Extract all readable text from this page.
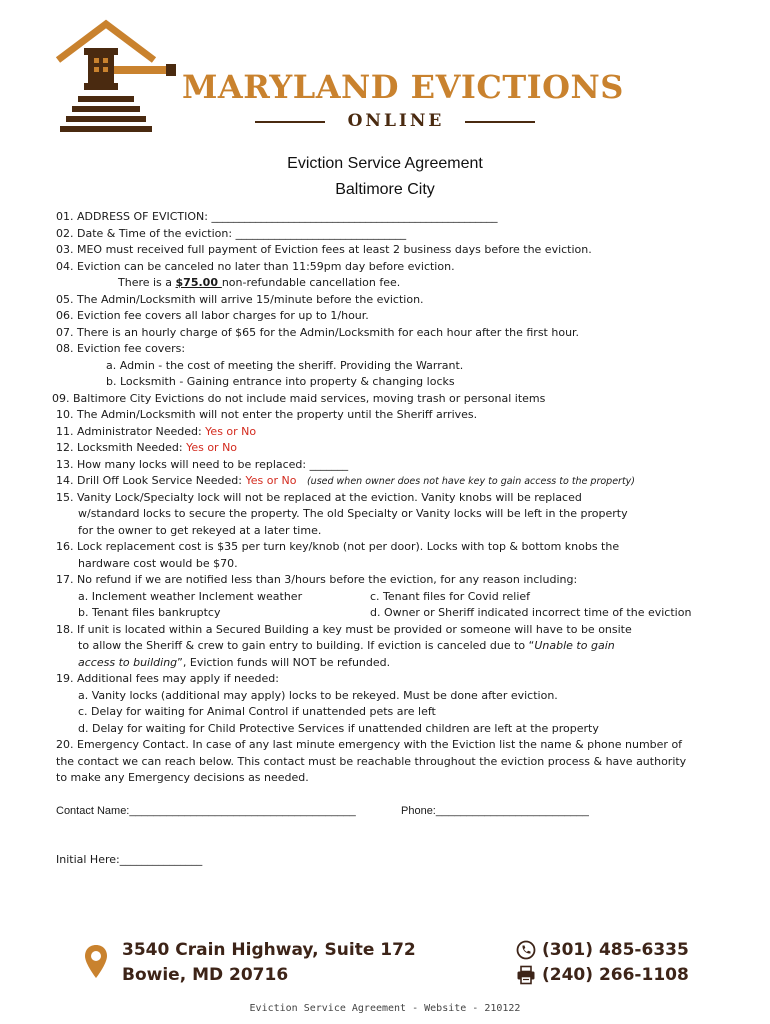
MARYLAND EVICTIONS
ONLINE
Eviction Service Agreement
Baltimore City
01. ADDRESS OF EVICTION: ____________________________________________________
02. Date & Time of the eviction: _______________________________
03. MEO must received full payment of Eviction fees at least 2 business days before the eviction.
04. Eviction can be canceled no later than 11:59pm day before eviction.
There is a $75.00 non-refundable cancellation fee.
05. The Admin/Locksmith will arrive 15/minute before the eviction.
06. Eviction fee covers all labor charges for up to 1/hour.
07. There is an hourly charge of $65 for the Admin/Locksmith for each hour after the first hour.
08. Eviction fee covers:
a. Admin - the cost of meeting the sheriff. Providing the Warrant.
b. Locksmith - Gaining entrance into property & changing locks
09. Baltimore City Evictions do not include maid services, moving trash or personal items
10. The Admin/Locksmith will not enter the property until the Sheriff arrives.
11. Administrator Needed: Yes or No
12. Locksmith Needed: Yes or No
13. How many locks will need to be replaced: _______
14. Drill Off Look Service Needed: Yes or No (used when owner does not have key to gain access to the property)
15. Vanity Lock/Specialty lock will not be replaced at the eviction. Vanity knobs will be replaced
w/standard locks to secure the property. The old Specialty or Vanity locks will be left in the property
for the owner to get rekeyed at a later time.
16. Lock replacement cost is $35 per turn key/knob (not per door). Locks with top & bottom knobs the
hardware cost would be $70.
17. No refund if we are notified less than 3/hours before the eviction, for any reason including:
a. Inclement weather Inclement weather	c. Tenant files for Covid relief
b. Tenant files bankruptcy	d. Owner or Sheriff indicated incorrect time of the eviction
18. If unit is located within a Secured Building a key must be provided or someone will have to be onsite
to allow the Sheriff & crew to gain entry to building. If eviction is canceled due to “Unable to gain
access to building”, Eviction funds will NOT be refunded.
19. Additional fees may apply if needed:
a. Vanity locks (additional may apply) locks to be rekeyed. Must be done after eviction.
c. Delay for waiting for Animal Control if unattended pets are left
d. Delay for waiting for Child Protective Services if unattended children are left at the property
20. Emergency Contact. In case of any last minute emergency with the Eviction list the name & phone number of
the contact we can reach below. This contact must be reachable throughout the eviction process & have authority
to make any Emergency decisions as needed.
Contact Name:_____________________________________	Phone:_________________________
Initial Here:_______________
3540 Crain Highway, Suite 172
Bowie, MD 20716
(301) 485-6335
(240) 266-1108
Eviction Service Agreement - Website - 210122
